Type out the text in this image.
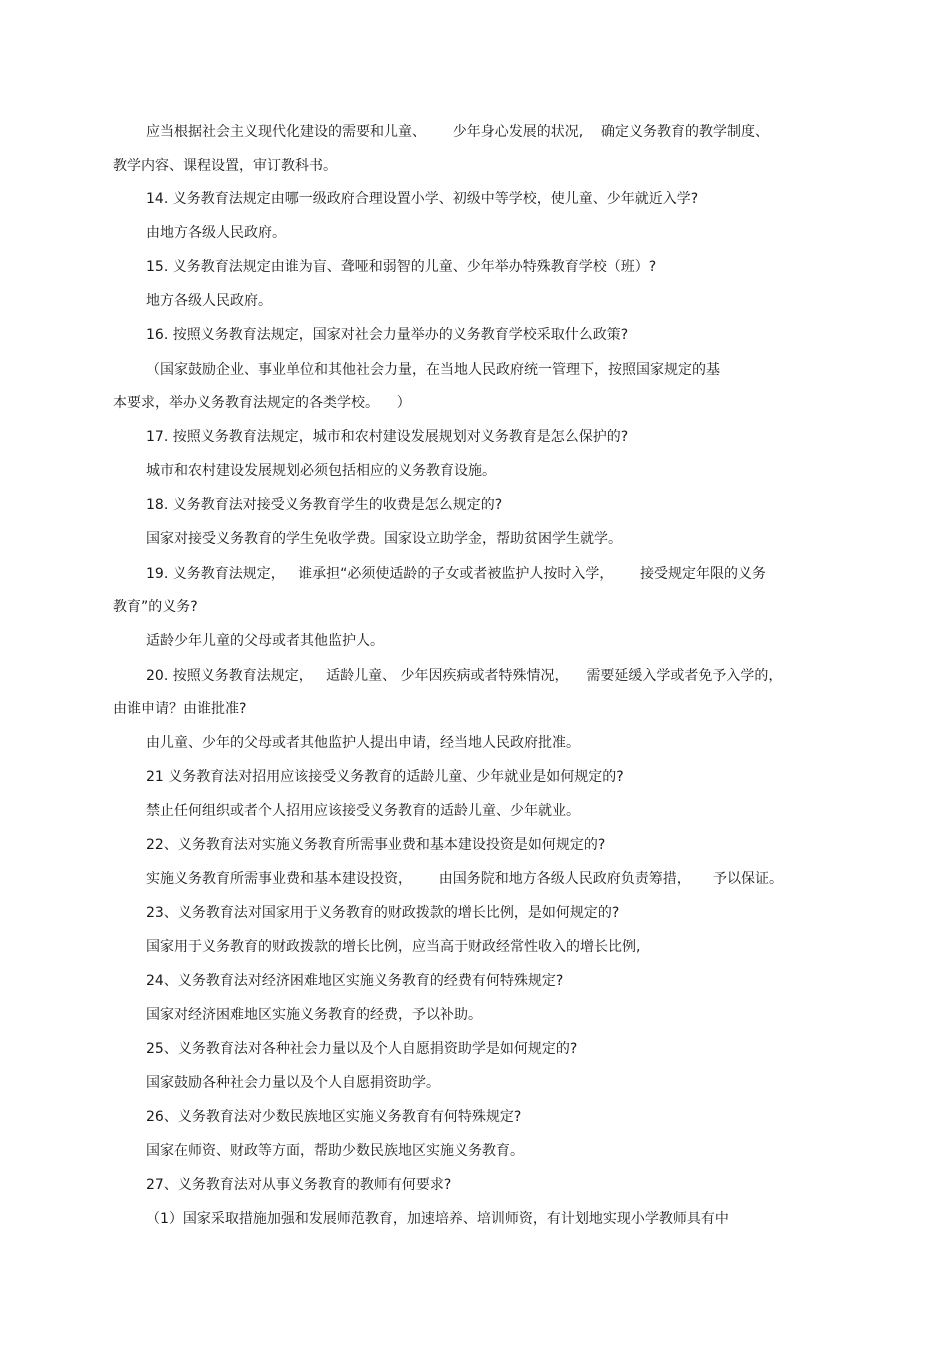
应当根据社会主义现代化建设的需要和儿童、      少年身心发展的状况,    确定义务教育的教学制度、
教学内容、课程设置，审订教科书。
14. 义务教育法规定由哪一级政府合理设置小学、初级中等学校，使儿童、少年就近入学?
由地方各级人民政府。
15. 义务教育法规定由谁为盲、聋哑和弱智的儿童、少年举办特殊教育学校（班）?
地方各级人民政府。
16. 按照义务教育法规定，国家对社会力量举办的义务教育学校采取什么政策?
（国家鼓励企业、事业单位和其他社会力量，在当地人民政府统一管理下，按照国家规定的基
本要求，举办义务教育法规定的各类学校。    ）
17. 按照义务教育法规定，城市和农村建设发展规划对义务教育是怎么保护的?
城市和农村建设发展规划必须包括相应的义务教育设施。
18. 义务教育法对接受义务教育学生的收费是怎么规定的?
国家对接受义务教育的学生免收学费。国家设立助学金，帮助贫困学生就学。
19. 义务教育法规定，   谁承担“必须使适龄的子女或者被监护人按时入学，      接受规定年限的义务
教育”的义务?
适龄少年儿童的父母或者其他监护人。
20. 按照义务教育法规定，   适龄儿童、 少年因疾病或者特殊情况，    需要延缓入学或者免予入学的，
由谁申请？由谁批准?
由儿童、少年的父母或者其他监护人提出申请，经当地人民政府批准。
21 义务教育法对招用应该接受义务教育的适龄儿童、少年就业是如何规定的?
禁止任何组织或者个人招用应该接受义务教育的适龄儿童、少年就业。
22、义务教育法对实施义务教育所需事业费和基本建设投资是如何规定的?
实施义务教育所需事业费和基本建设投资，      由国务院和地方各级人民政府负责筹措，     予以保证。
23、义务教育法对国家用于义务教育的财政拨款的增长比例，是如何规定的?
国家用于义务教育的财政拨款的增长比例，应当高于财政经常性收入的增长比例,
24、义务教育法对经济困难地区实施义务教育的经费有何特殊规定?
国家对经济困难地区实施义务教育的经费，予以补助。
25、义务教育法对各种社会力量以及个人自愿捐资助学是如何规定的?
国家鼓励各种社会力量以及个人自愿捐资助学。
26、义务教育法对少数民族地区实施义务教育有何特殊规定?
国家在师资、财政等方面，帮助少数民族地区实施义务教育。
27、义务教育法对从事义务教育的教师有何要求?
（1）国家采取措施加强和发展师范教育，加速培养、培训师资，有计划地实现小学教师具有中
